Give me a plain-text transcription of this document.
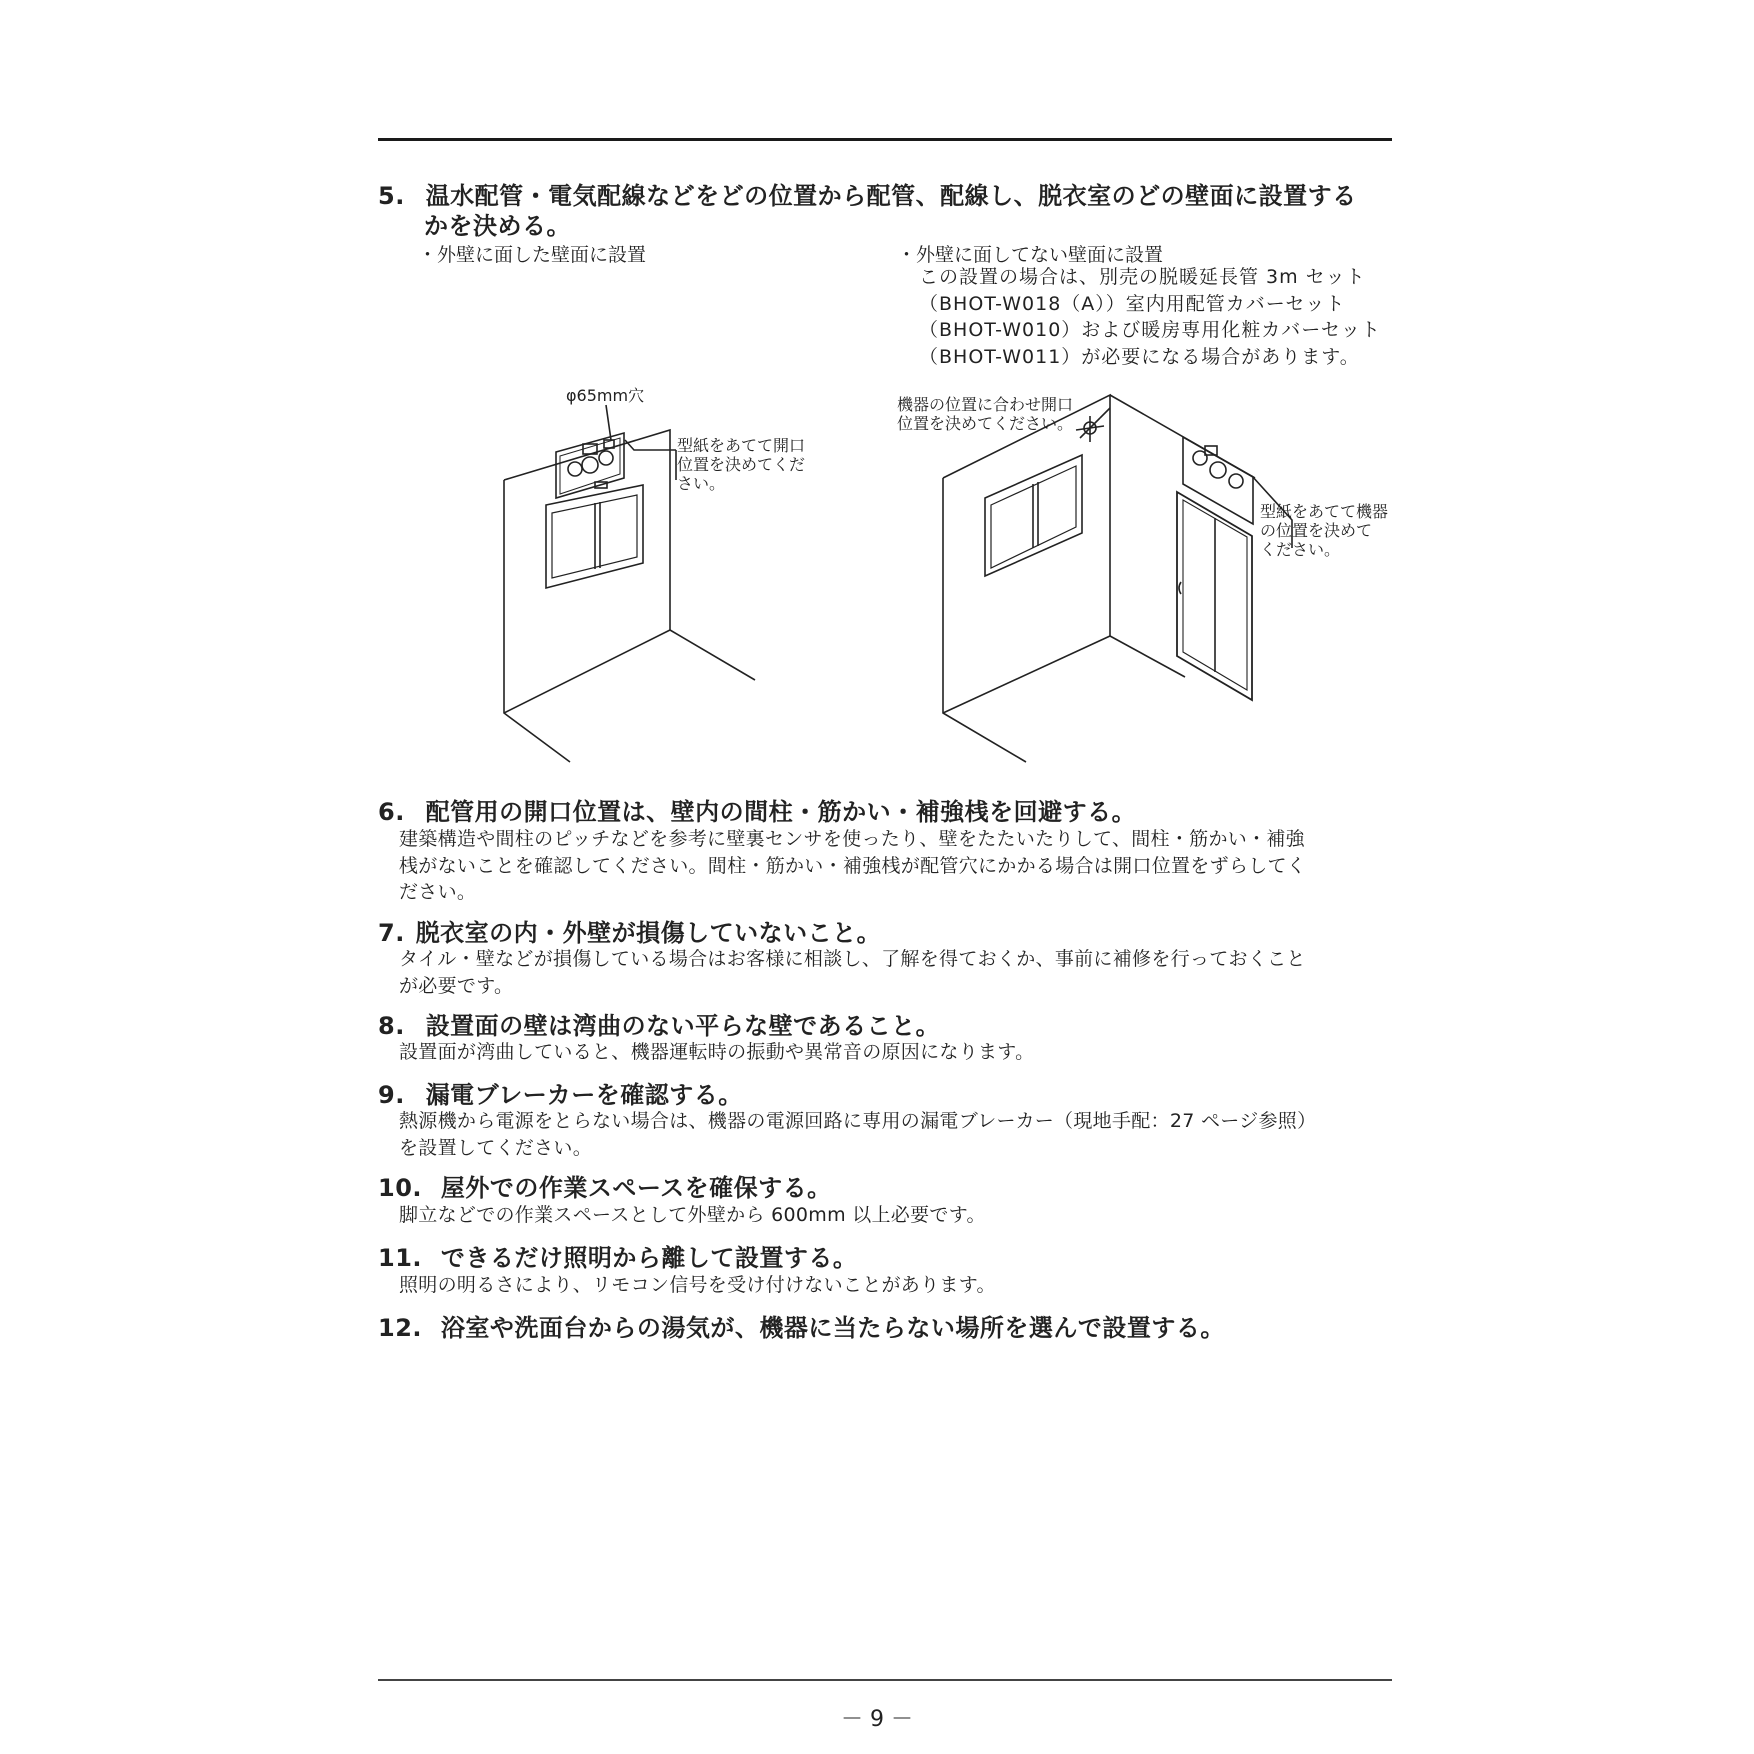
5. 温水配管・電気配線などをどの位置から配管、配線し、脱衣室のどの壁面に設置する
かを決める。
・外壁に面した壁面に設置	・外壁に面してない壁面に設置
この設置の場合は、別売の脱暖延長管 3m セット
（BHOT-W018（A））室内用配管カバーセット
（BHOT-W010）および暖房専用化粧カバーセット
（BHOT-W011）が必要になる場合があります。
φ65mm穴
型紙をあてて開口
位置を決めてくだ
さい。
機器の位置に合わせ開口
位置を決めてください。
型紙をあてて機器
の位置を決めて
ください。
6. 配管用の開口位置は、壁内の間柱・筋かい・補強桟を回避する。
建築構造や間柱のピッチなどを参考に壁裏センサを使ったり、壁をたたいたりして、間柱・筋かい・補強
桟がないことを確認してください。間柱・筋かい・補強桟が配管穴にかかる場合は開口位置をずらしてく
ださい。
7. 脱衣室の内・外壁が損傷していないこと。
タイル・壁などが損傷している場合はお客様に相談し、了解を得ておくか、事前に補修を行っておくこと
が必要です。
8. 設置面の壁は湾曲のない平らな壁であること。
設置面が湾曲していると、機器運転時の振動や異常音の原因になります。
9. 漏電ブレーカーを確認する。
熱源機から電源をとらない場合は、機器の電源回路に専用の漏電ブレーカー（現地手配：27 ページ参照）
を設置してください。
10. 屋外での作業スペースを確保する。
脚立などでの作業スペースとして外壁から 600mm 以上必要です。
11. できるだけ照明から離して設置する。
照明の明るさにより、リモコン信号を受け付けないことがあります。
12. 浴室や洗面台からの湯気が、機器に当たらない場所を選んで設置する。
－ 9 －
